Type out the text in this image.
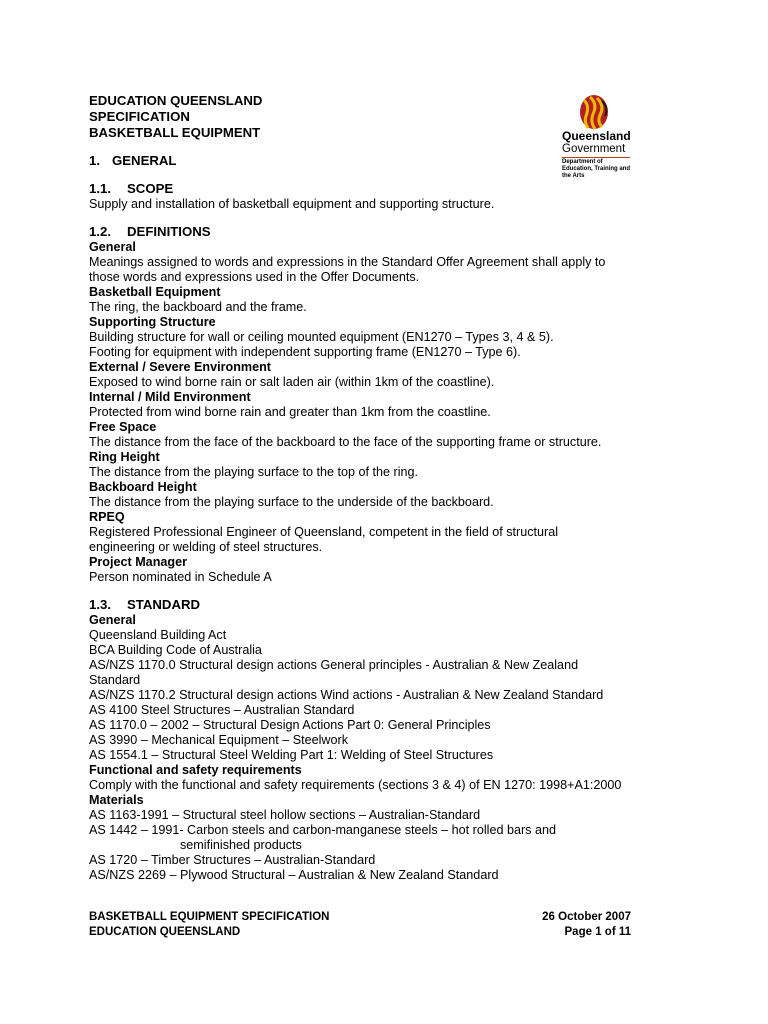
Queensland
Government
Department of Education, Training and the Arts
EDUCATION QUEENSLAND
SPECIFICATION
BASKETBALL EQUIPMENT
1. GENERAL
1.1. SCOPE
Supply and installation of basketball equipment and supporting structure.
1.2. DEFINITIONS
General
Meanings assigned to words and expressions in the Standard Offer Agreement shall apply to
those words and expressions used in the Offer Documents.
Basketball Equipment
The ring, the backboard and the frame.
Supporting Structure
Building structure for wall or ceiling mounted equipment (EN1270 – Types 3, 4 & 5).
Footing for equipment with independent supporting frame (EN1270 – Type 6).
External / Severe Environment
Exposed to wind borne rain or salt laden air (within 1km of the coastline).
Internal / Mild Environment
Protected from wind borne rain and greater than 1km from the coastline.
Free Space
The distance from the face of the backboard to the face of the supporting frame or structure.
Ring Height
The distance from the playing surface to the top of the ring.
Backboard Height
The distance from the playing surface to the underside of the backboard.
RPEQ
Registered Professional Engineer of Queensland, competent in the field of structural
engineering or welding of steel structures.
Project Manager
Person nominated in Schedule A
1.3. STANDARD
General
Queensland Building Act
BCA Building Code of Australia
AS/NZS 1170.0 Structural design actions General principles - Australian & New Zealand
Standard
AS/NZS 1170.2 Structural design actions Wind actions - Australian & New Zealand Standard
AS 4100 Steel Structures – Australian Standard
AS 1170.0 – 2002 – Structural Design Actions Part 0: General Principles
AS 3990 – Mechanical Equipment – Steelwork
AS 1554.1 – Structural Steel Welding Part 1: Welding of Steel Structures
Functional and safety requirements
Comply with the functional and safety requirements (sections 3 & 4) of EN 1270: 1998+A1:2000
Materials
AS 1163-1991 – Structural steel hollow sections – Australian-Standard
AS 1442 – 1991- Carbon steels and carbon-manganese steels – hot rolled bars and
semifinished products
AS 1720 – Timber Structures – Australian-Standard
AS/NZS 2269 – Plywood Structural – Australian & New Zealand Standard
BASKETBALL EQUIPMENT SPECIFICATION	26 October 2007
EDUCATION QUEENSLAND	Page 1 of 11
